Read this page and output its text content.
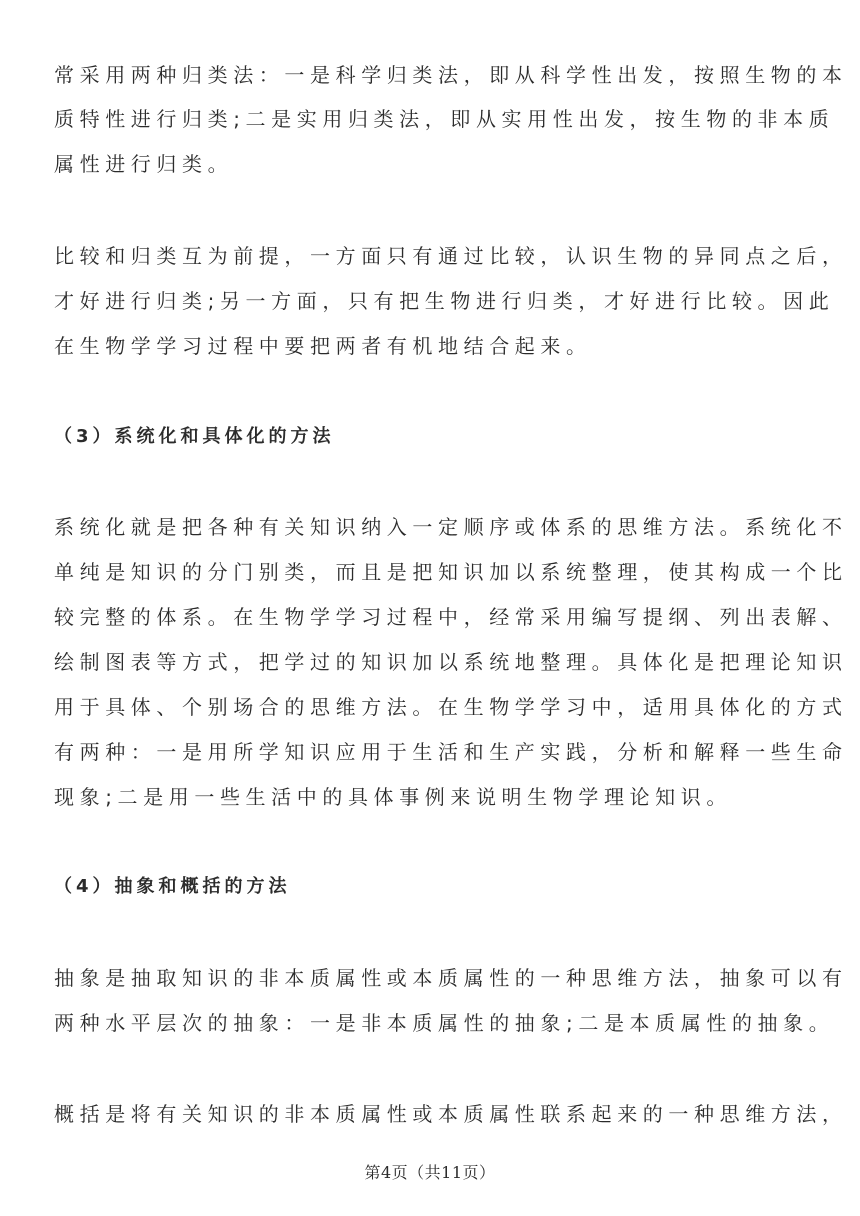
常采用两种归类法：一是科学归类法，即从科学性出发，按照生物的本
质特性进行归类;二是实用归类法，即从实用性出发，按生物的非本质
属性进行归类。
比较和归类互为前提，一方面只有通过比较，认识生物的异同点之后，
才好进行归类;另一方面，只有把生物进行归类，才好进行比较。因此
在生物学学习过程中要把两者有机地结合起来。
（3）系统化和具体化的方法
系统化就是把各种有关知识纳入一定顺序或体系的思维方法。系统化不
单纯是知识的分门别类，而且是把知识加以系统整理，使其构成一个比
较完整的体系。在生物学学习过程中，经常采用编写提纲、列出表解、
绘制图表等方式，把学过的知识加以系统地整理。具体化是把理论知识
用于具体、个别场合的思维方法。在生物学学习中，适用具体化的方式
有两种：一是用所学知识应用于生活和生产实践，分析和解释一些生命
现象;二是用一些生活中的具体事例来说明生物学理论知识。
（4）抽象和概括的方法
抽象是抽取知识的非本质属性或本质属性的一种思维方法，抽象可以有
两种水平层次的抽象：一是非本质属性的抽象;二是本质属性的抽象。
概括是将有关知识的非本质属性或本质属性联系起来的一种思维方法，
第4页（共11页）
